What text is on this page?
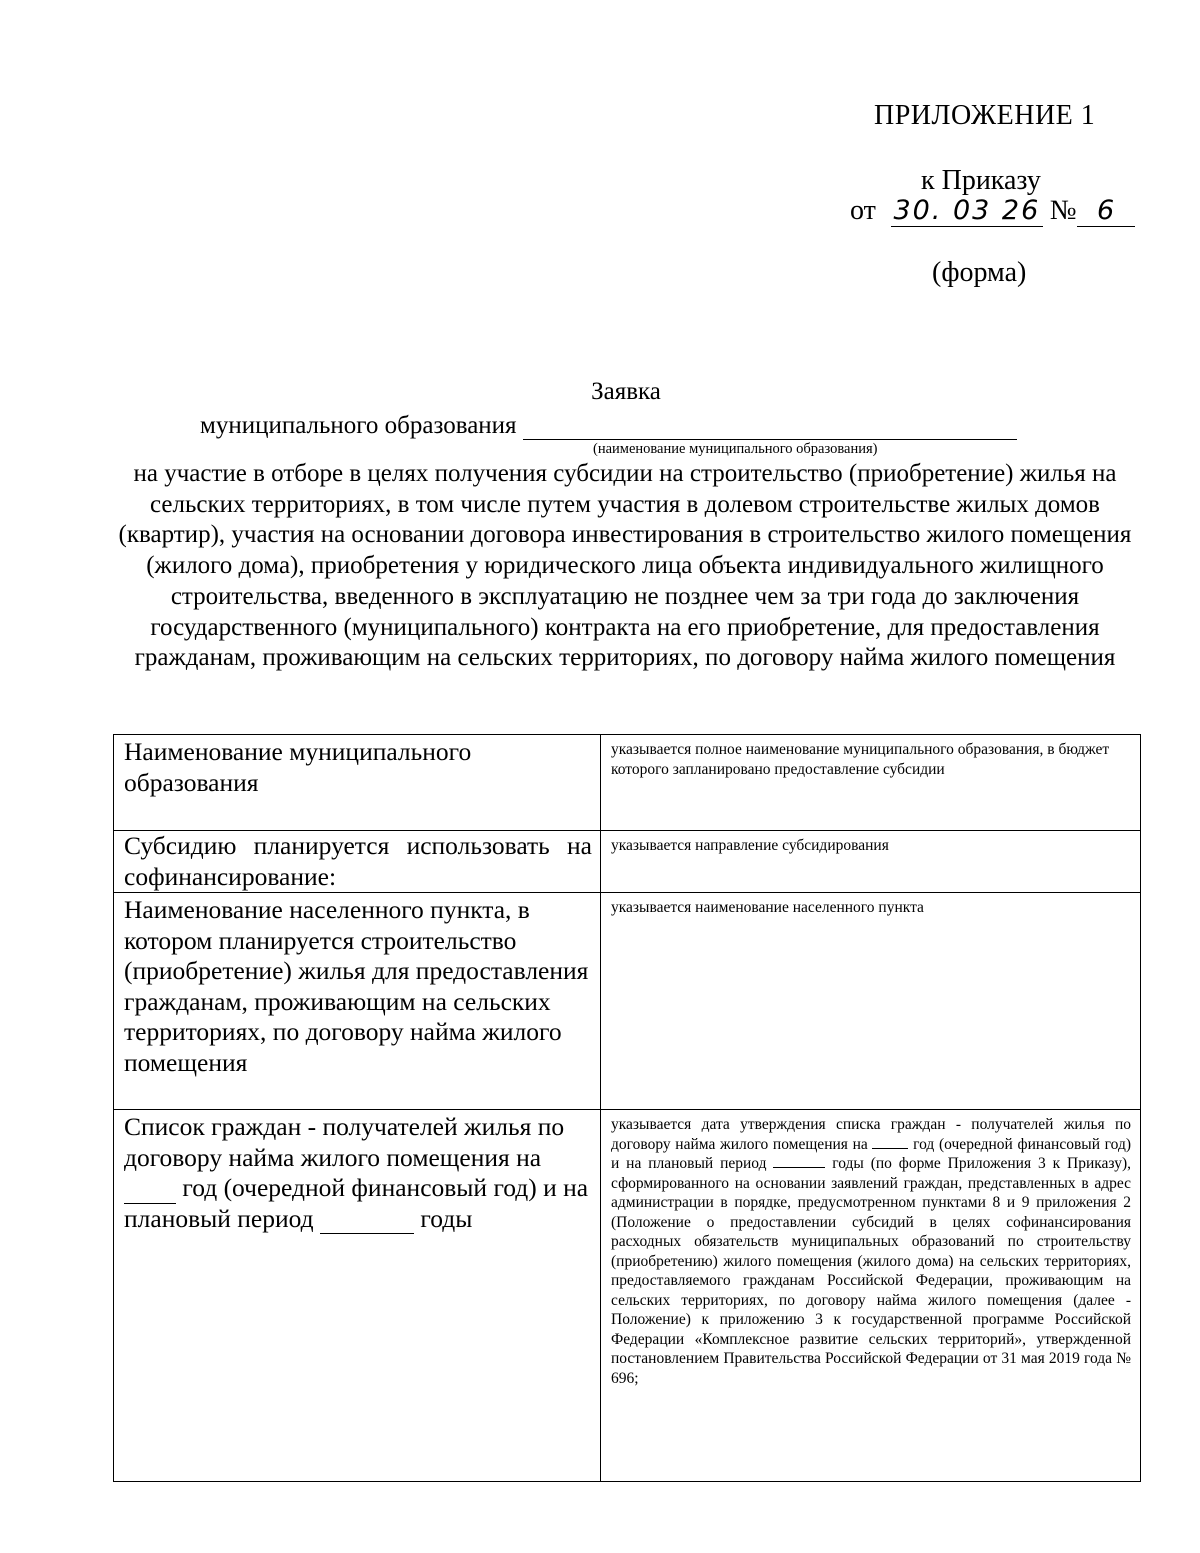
ПРИЛОЖЕНИЕ 1
к Приказу
от 30. 03 26 № 6
(форма)
Заявка
муниципального образования
(наименование муниципального образования)
на участие в отборе в целях получения субсидии на строительство (приобретение) жилья на сельских территориях, в том числе путем участия в долевом строительстве жилых домов (квартир), участия на основании договора инвестирования в строительство жилого помещения (жилого дома), приобретения у юридического лица объекта индивидуального жилищного строительства, введенного в эксплуатацию не позднее чем за три года до заключения государственного (муниципального) контракта на его приобретение, для предоставления гражданам, проживающим на сельских территориях, по договору найма жилого помещения
Наименование муниципального образования	указывается полное наименование муниципального образования, в бюджет которого запланировано предоставление субсидии
Субсидию планируется использовать на софинансирование:	указывается направление субсидирования
Наименование населенного пункта, в котором планируется строительство (приобретение) жилья для предоставления гражданам, проживающим на сельских территориях, по договору найма жилого помещения	указывается наименование населенного пункта
Список граждан - получателей жилья по договору найма жилого помещения на  год (очередной финансовый год) и на плановый период годы	указывается дата утверждения списка граждан - получателей жилья по договору найма жилого помещения на год (очередной финансовый год) и на плановый период годы (по форме Приложения 3 к Приказу), сформированного на основании заявлений граждан, представленных в адрес администрации в порядке, предусмотренном пунктами 8 и 9 приложения 2 (Положение о предоставлении субсидий в целях софинансирования расходных обязательств муниципальных образований по строительству (приобретению) жилого помещения (жилого дома) на сельских территориях, предоставляемого гражданам Российской Федерации, проживающим на сельских территориях, по договору найма жилого помещения (далее - Положение) к приложению 3 к государственной программе Российской Федерации «Комплексное развитие сельских территорий», утвержденной постановлением Правительства Российской Федерации от 31 мая 2019 года № 696;
